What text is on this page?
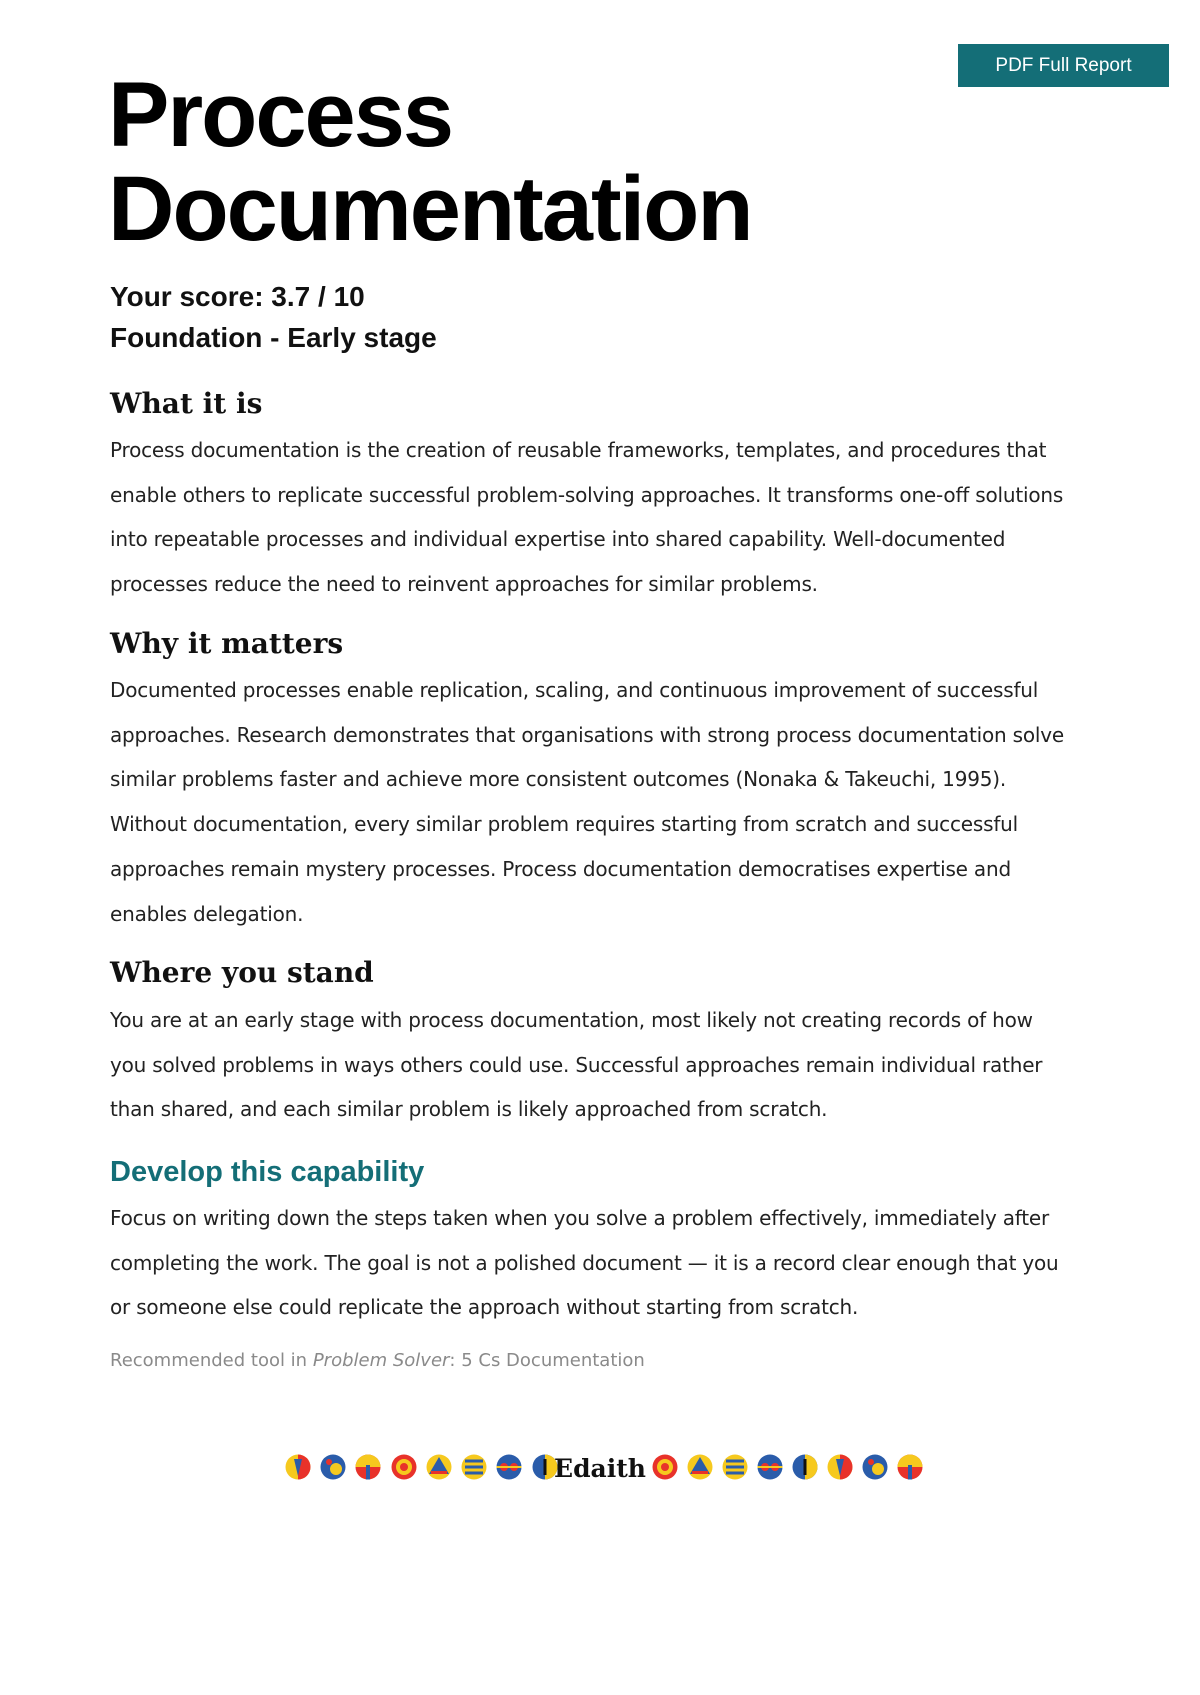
PDF Full Report
Process
Documentation
Your score: 3.7 / 10
Foundation - Early stage
What it is
Process documentation is the creation of reusable frameworks, templates, and procedures that
enable others to replicate successful problem-solving approaches. It transforms one-off solutions
into repeatable processes and individual expertise into shared capability. Well-documented
processes reduce the need to reinvent approaches for similar problems.
Why it matters
Documented processes enable replication, scaling, and continuous improvement of successful
approaches. Research demonstrates that organisations with strong process documentation solve
similar problems faster and achieve more consistent outcomes (Nonaka & Takeuchi, 1995).
Without documentation, every similar problem requires starting from scratch and successful
approaches remain mystery processes. Process documentation democratises expertise and
enables delegation.
Where you stand
You are at an early stage with process documentation, most likely not creating records of how
you solved problems in ways others could use. Successful approaches remain individual rather
than shared, and each similar problem is likely approached from scratch.
Develop this capability
Focus on writing down the steps taken when you solve a problem effectively, immediately after
completing the work. The goal is not a polished document — it is a record clear enough that you
or someone else could replicate the approach without starting from scratch.
Recommended tool in Problem Solver: 5 Cs Documentation
Edaith
